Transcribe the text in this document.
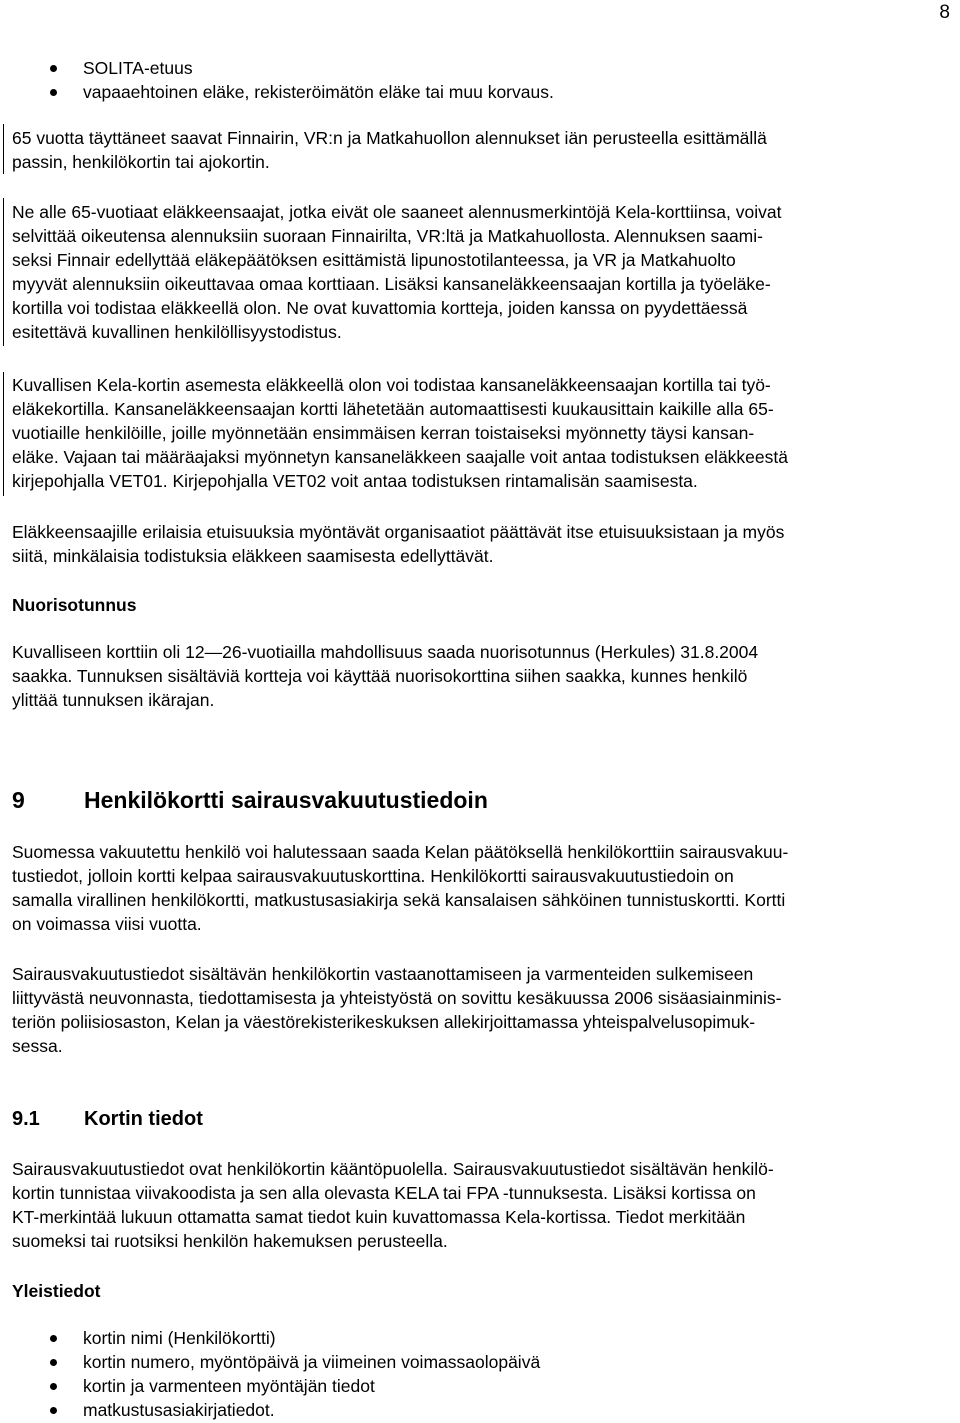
8
SOLITA-etuus
vapaaehtoinen eläke, rekisteröimätön eläke tai muu korvaus.
65 vuotta täyttäneet saavat Finnairin, VR:n ja Matkahuollon alennukset iän perusteella esittämällä
passin, henkilökortin tai ajokortin.
Ne alle 65-vuotiaat eläkkeensaajat, jotka eivät ole saaneet alennusmerkintöjä Kela-korttiinsa, voivat
selvittää oikeutensa alennuksiin suoraan Finnairilta, VR:ltä ja Matkahuollosta. Alennuksen saami-
seksi Finnair edellyttää eläkepäätöksen esittämistä lipunostotilanteessa, ja VR ja Matkahuolto
myyvät alennuksiin oikeuttavaa omaa korttiaan. Lisäksi kansaneläkkeensaajan kortilla ja työeläke-
kortilla voi todistaa eläkkeellä olon. Ne ovat kuvattomia kortteja, joiden kanssa on pyydettäessä
esitettävä kuvallinen henkilöllisyystodistus.
Kuvallisen Kela-kortin asemesta eläkkeellä olon voi todistaa kansaneläkkeensaajan kortilla tai työ-
eläkekortilla. Kansaneläkkeensaajan kortti lähetetään automaattisesti kuukausittain kaikille alla 65-
vuotiaille henkilöille, joille myönnetään ensimmäisen kerran toistaiseksi myönnetty täysi kansan-
eläke. Vajaan tai määräajaksi myönnetyn kansaneläkkeen saajalle voit antaa todistuksen eläkkeestä
kirjepohjalla VET01. Kirjepohjalla VET02 voit antaa todistuksen rintamalisän saamisesta.
Eläkkeensaajille erilaisia etuisuuksia myöntävät organisaatiot päättävät itse etuisuuksistaan ja myös
siitä, minkälaisia todistuksia eläkkeen saamisesta edellyttävät.
Nuorisotunnus
Kuvalliseen korttiin oli 12—26-vuotiailla mahdollisuus saada nuorisotunnus (Herkules) 31.8.2004
saakka. Tunnuksen sisältäviä kortteja voi käyttää nuorisokorttina siihen saakka, kunnes henkilö
ylittää tunnuksen ikärajan.
9	Henkilökortti sairausvakuutustiedoin
Suomessa vakuutettu henkilö voi halutessaan saada Kelan päätöksellä henkilökorttiin sairausvakuu-
tustiedot, jolloin kortti kelpaa sairausvakuutuskorttina. Henkilökortti sairausvakuutustiedoin on
samalla virallinen henkilökortti, matkustusasiakirja sekä kansalaisen sähköinen tunnistuskortti. Kortti
on voimassa viisi vuotta.
Sairausvakuutustiedot sisältävän henkilökortin vastaanottamiseen ja varmenteiden sulkemiseen
liittyvästä neuvonnasta, tiedottamisesta ja yhteistyöstä on sovittu kesäkuussa 2006 sisäasiainminis-
teriön poliisiosaston, Kelan ja väestörekisterikeskuksen allekirjoittamassa yhteispalvelusopimuk-
sessa.
9.1 Kortin tiedot
Sairausvakuutustiedot ovat henkilökortin kääntöpuolella. Sairausvakuutustiedot sisältävän henkilö-
kortin tunnistaa viivakoodista ja sen alla olevasta KELA tai FPA -tunnuksesta. Lisäksi kortissa on
KT-merkintää lukuun ottamatta samat tiedot kuin kuvattomassa Kela-kortissa. Tiedot merkitään
suomeksi tai ruotsiksi henkilön hakemuksen perusteella.
Yleistiedot
kortin nimi (Henkilökortti)
kortin numero, myöntöpäivä ja viimeinen voimassaolopäivä
kortin ja varmenteen myöntäjän tiedot
matkustusasiakirjatiedot.
